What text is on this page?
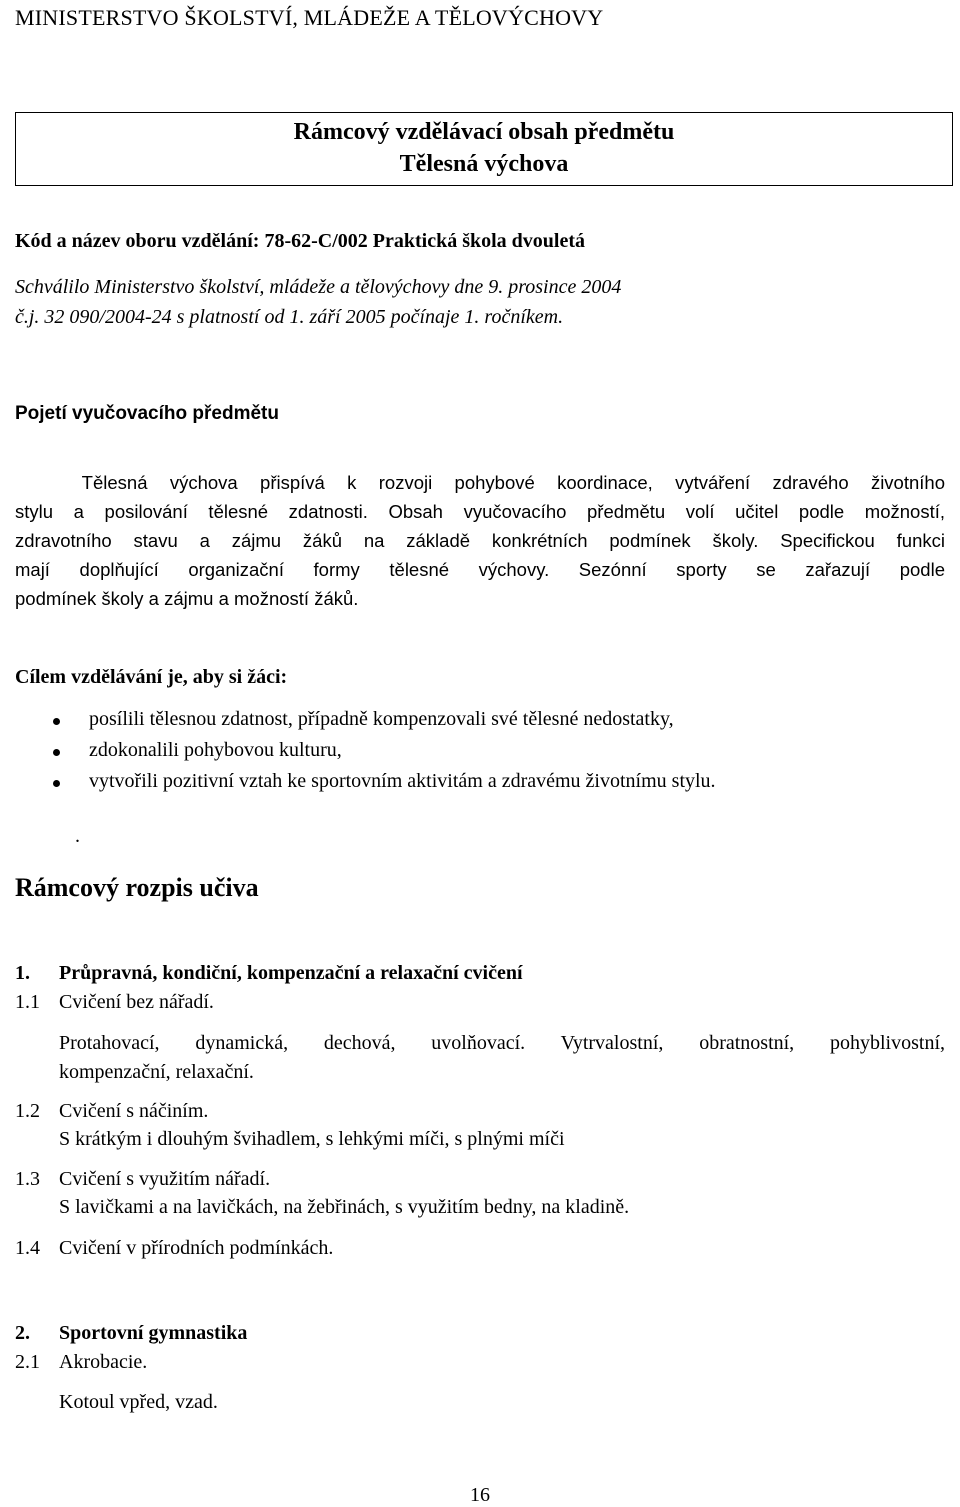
MINISTERSTVO ŠKOLSTVÍ, MLÁDEŽE A TĚLOVÝCHOVY
Rámcový vzdělávací obsah předmětu
Tělesná výchova
Kód a název oboru vzdělání: 78-62-C/002 Praktická škola dvouletá
Schválilo Ministerstvo školství, mládeže a tělovýchovy dne 9. prosince 2004
č.j. 32 090/2004-24 s platností od 1. září 2005 počínaje 1. ročníkem.
Pojetí vyučovacího předmětu
Tělesná výchova přispívá k rozvoji pohybové koordinace, vytváření zdravého životního
stylu a posilování tělesné zdatnosti. Obsah vyučovacího předmětu volí učitel podle možností,
zdravotního stavu a zájmu žáků na základě konkrétních podmínek školy. Specifickou funkci
mají doplňující organizační formy tělesné výchovy. Sezónní sporty se zařazují podle
podmínek školy a zájmu a možností žáků.
Cílem vzdělávání je, aby si žáci:
posílili tělesnou zdatnost, případně kompenzovali své tělesné nedostatky,
zdokonalili pohybovou kulturu,
vytvořili pozitivní vztah ke sportovním aktivitám a zdravému životnímu stylu.
.
Rámcový rozpis učiva
1. Průpravná, kondiční, kompenzační a relaxační cvičení
1.1 Cvičení bez nářadí.
Protahovací, dynamická, dechová, uvolňovací. Vytrvalostní, obratnostní, pohyblivostní,
kompenzační, relaxační.
1.2 Cvičení s náčiním.
S krátkým i dlouhým švihadlem, s lehkými míči, s plnými míči
1.3 Cvičení s využitím nářadí.
S lavičkami a na lavičkách, na žebřinách, s využitím bedny, na kladině.
1.4 Cvičení v přírodních podmínkách.
2. Sportovní gymnastika
2.1 Akrobacie.
Kotoul vpřed, vzad.
16
